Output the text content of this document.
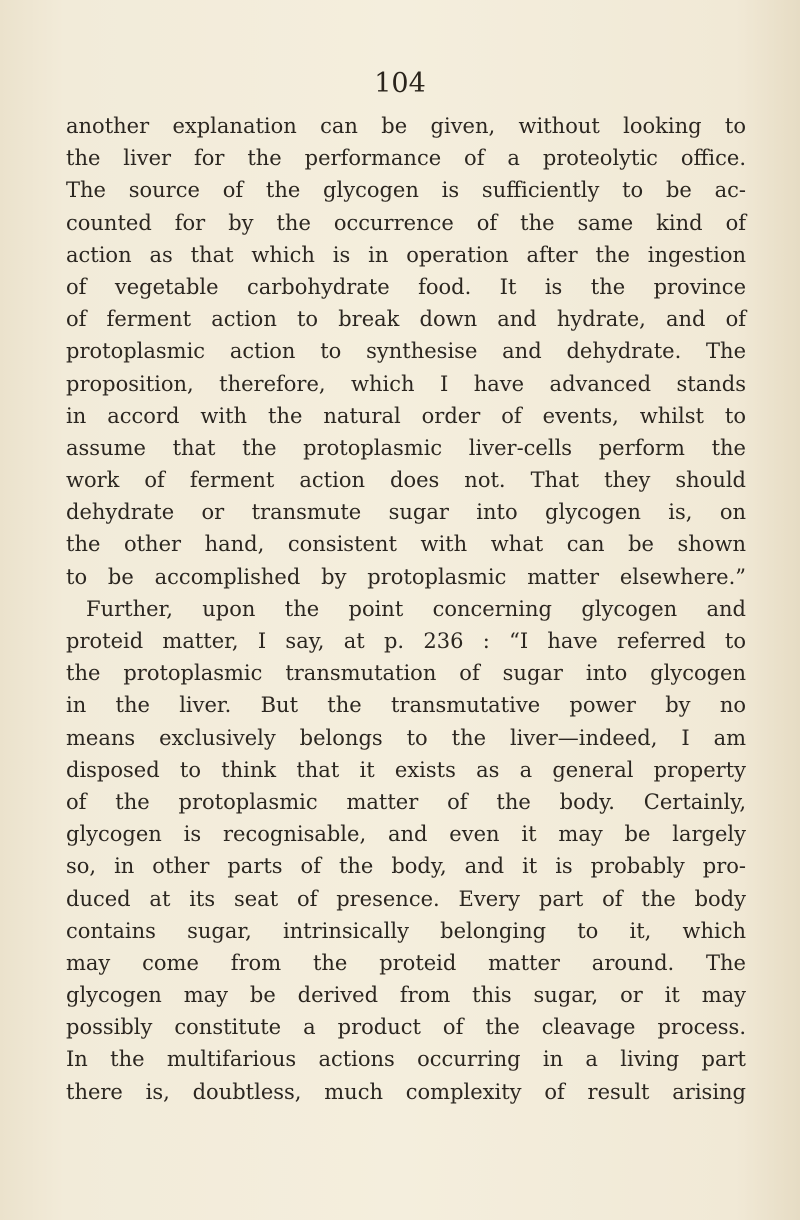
104
another explanation can be given, without looking to
the liver for the performance of a proteolytic office.
The source of the glycogen is sufficiently to be ac-
counted for by the occurrence of the same kind of
action as that which is in operation after the ingestion
of vegetable carbohydrate food. It is the province
of ferment action to break down and hydrate, and of
protoplasmic action to synthesise and dehydrate. The
proposition, therefore, which I have advanced stands
in accord with the natural order of events, whilst to
assume that the protoplasmic liver-cells perform the
work of ferment action does not. That they should
dehydrate or transmute sugar into glycogen is, on
the other hand, consistent with what can be shown
to be accomplished by protoplasmic matter elsewhere.”
Further, upon the point concerning glycogen and
proteid matter, I say, at p. 236 : “I have referred to
the protoplasmic transmutation of sugar into glycogen
in the liver. But the transmutative power by no
means exclusively belongs to the liver—indeed, I am
disposed to think that it exists as a general property
of the protoplasmic matter of the body. Certainly,
glycogen is recognisable, and even it may be largely
so, in other parts of the body, and it is probably pro-
duced at its seat of presence. Every part of the body
contains sugar, intrinsically belonging to it, which
may come from the proteid matter around. The
glycogen may be derived from this sugar, or it may
possibly constitute a product of the cleavage process.
In the multifarious actions occurring in a living part
there is, doubtless, much complexity of result arising
